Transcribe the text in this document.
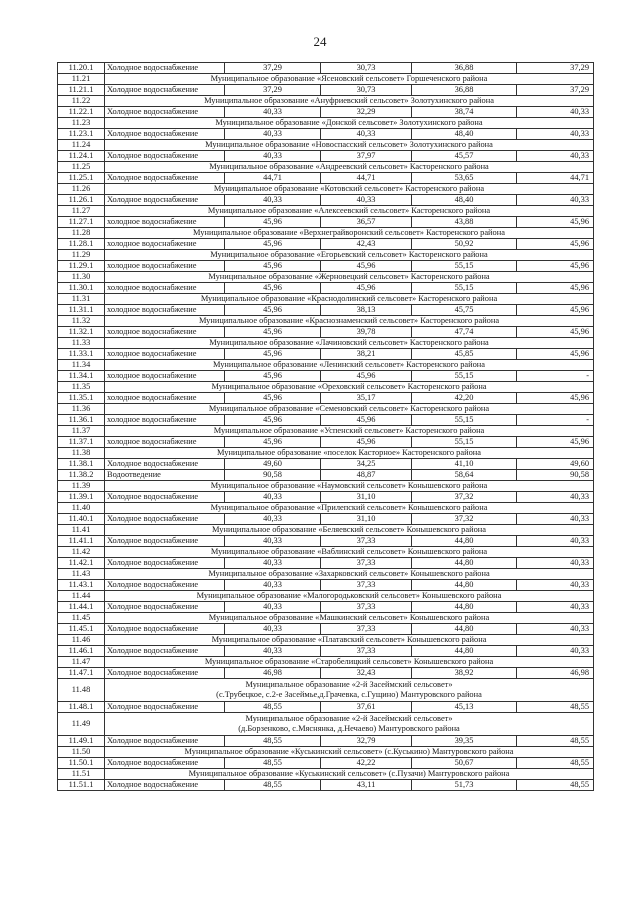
24
11.20.1	Холодное водоснабжение	37,29	30,73	36,88	37,29
11.21	Муниципальное образование «Ясеновский сельсовет» Горшеченского района				

11.21.1	Холодное водоснабжение	37,29	30,73	36,88	37,29
11.22	Муниципальное образование «Ануфриевский сельсовет» Золотухинского района				

11.22.1	Холодное водоснабжение	40,33	32,29	38,74	40,33
11.23	Муниципальное образование «Донской сельсовет» Золотухинского района				

11.23.1	Холодное водоснабжение	40,33	40,33	48,40	40,33
11.24	Муниципальное образование «Новоспасский сельсовет» Золотухинского района				

11.24.1	Холодное водоснабжение	40,33	37,97	45,57	40,33
11.25	Муниципальное образование «Андреевский сельсовет» Касторенского района				

11.25.1	Холодное водоснабжение	44,71	44,71	53,65	44,71
11.26	Муниципальное образование «Котовский сельсовет» Касторенского района				

11.26.1	Холодное водоснабжение	40,33	40,33	48,40	40,33
11.27	Муниципальное образование «Алексеевский сельсовет» Касторенского района				

11.27.1	холодное водоснабжение	45,96	36,57	43,88	45,96
11.28	Муниципальное образование «Верхнеграйворонский сельсовет» Касторенского района				

11.28.1	холодное водоснабжение	45,96	42,43	50,92	45,96
11.29	Муниципальное образование «Егорьевский сельсовет» Касторенского района				

11.29.1	холодное водоснабжение	45,96	45,96	55,15	45,96
11.30	Муниципальное образование «Жерновецкий сельсовет» Касторенского района				

11.30.1	холодное водоснабжение	45,96	45,96	55,15	45,96
11.31	Муниципальное образование «Краснодолинский сельсовет» Касторенского района				

11.31.1	холодное водоснабжение	45,96	38,13	45,75	45,96
11.32	Муниципальное образование «Краснознаменский сельсовет» Касторенского района				

11.32.1	холодное водоснабжение	45,96	39,78	47,74	45,96
11.33	Муниципальное образование «Лачиновский сельсовет» Касторенского района				

11.33.1	холодное водоснабжение	45,96	38,21	45,85	45,96
11.34	Муниципальное образование «Ленинский сельсовет» Касторенского района				

11.34.1	холодное водоснабжение	45,96	45,96	55,15	-
11.35	Муниципальное образование «Ореховский сельсовет» Касторенского района				

11.35.1	холодное водоснабжение	45,96	35,17	42,20	45,96
11.36	Муниципальное образование «Семеновский сельсовет» Касторенского района				

11.36.1	холодное водоснабжение	45,96	45,96	55,15	-
11.37	Муниципальное образование «Успенский сельсовет» Касторенского района				

11.37.1	холодное водоснабжение	45,96	45,96	55,15	45,96
11.38	Муниципальное образование «поселок Касторное» Касторенского района				

11.38.1	Холодное водоснабжение	49,60	34,25	41,10	49,60
11.38.2	Водоотведение	90,58	48,87	58,64	90,58
11.39	Муниципальное образование «Наумовский сельсовет» Конышевского района				

11.39.1	Холодное водоснабжение	40,33	31,10	37,32	40,33
11.40	Муниципальное образование «Прилепский сельсовет» Конышевского района				

11.40.1	Холодное водоснабжение	40,33	31,10	37,32	40,33
11.41	Муниципальное образование «Беляевский сельсовет» Конышевского района				

11.41.1	Холодное водоснабжение	40,33	37,33	44,80	40,33
11.42	Муниципальное образование «Ваблинский сельсовет» Конышевского района				

11.42.1	Холодное водоснабжение	40,33	37,33	44,80	40,33
11.43	Муниципальное образование «Захарковский сельсовет» Конышевского района				

11.43.1	Холодное водоснабжение	40,33	37,33	44,80	40,33
11.44	Муниципальное образование «Малогородьковский сельсовет» Конышевского района				

11.44.1	Холодное водоснабжение	40,33	37,33	44,80	40,33
11.45	Муниципальное образование «Машкинский сельсовет» Конышевского района				

11.45.1	Холодное водоснабжение	40,33	37,33	44,80	40,33
11.46	Муниципальное образование «Платавский сельсовет» Конышевского района				

11.46.1	Холодное водоснабжение	40,33	37,33	44,80	40,33
11.47	Муниципальное образование «Старобелицкий сельсовет» Конышевского района				

11.47.1	Холодное водоснабжение	46,98	32,43	38,92	46,98
11.48	Муниципальное образование «2-й Засеймский сельсовет»
(с.Трубецкое, с.2-е Засеймье,д.Грачевка, с.Гущино) Мантуровского района				

11.48.1	Холодное водоснабжение	48,55	37,61	45,13	48,55
11.49	Муниципальное образование «2-й Засеймский сельсовет»
(д.Борзенково, с.Мяснянка, д.Нечаево) Мантуровского района				

11.49.1	Холодное водоснабжение	48,55	32,79	39,35	48,55
11.50	Муниципальное образование «Куськинский сельсовет» (с.Куськино) Мантуровского района				

11.50.1	Холодное водоснабжение	48,55	42,22	50,67	48,55
11.51	Муниципальное образование «Куськинский сельсовет» (с.Пузачи) Мантуровского района				

11.51.1	Холодное водоснабжение	48,55	43,11	51,73	48,55
